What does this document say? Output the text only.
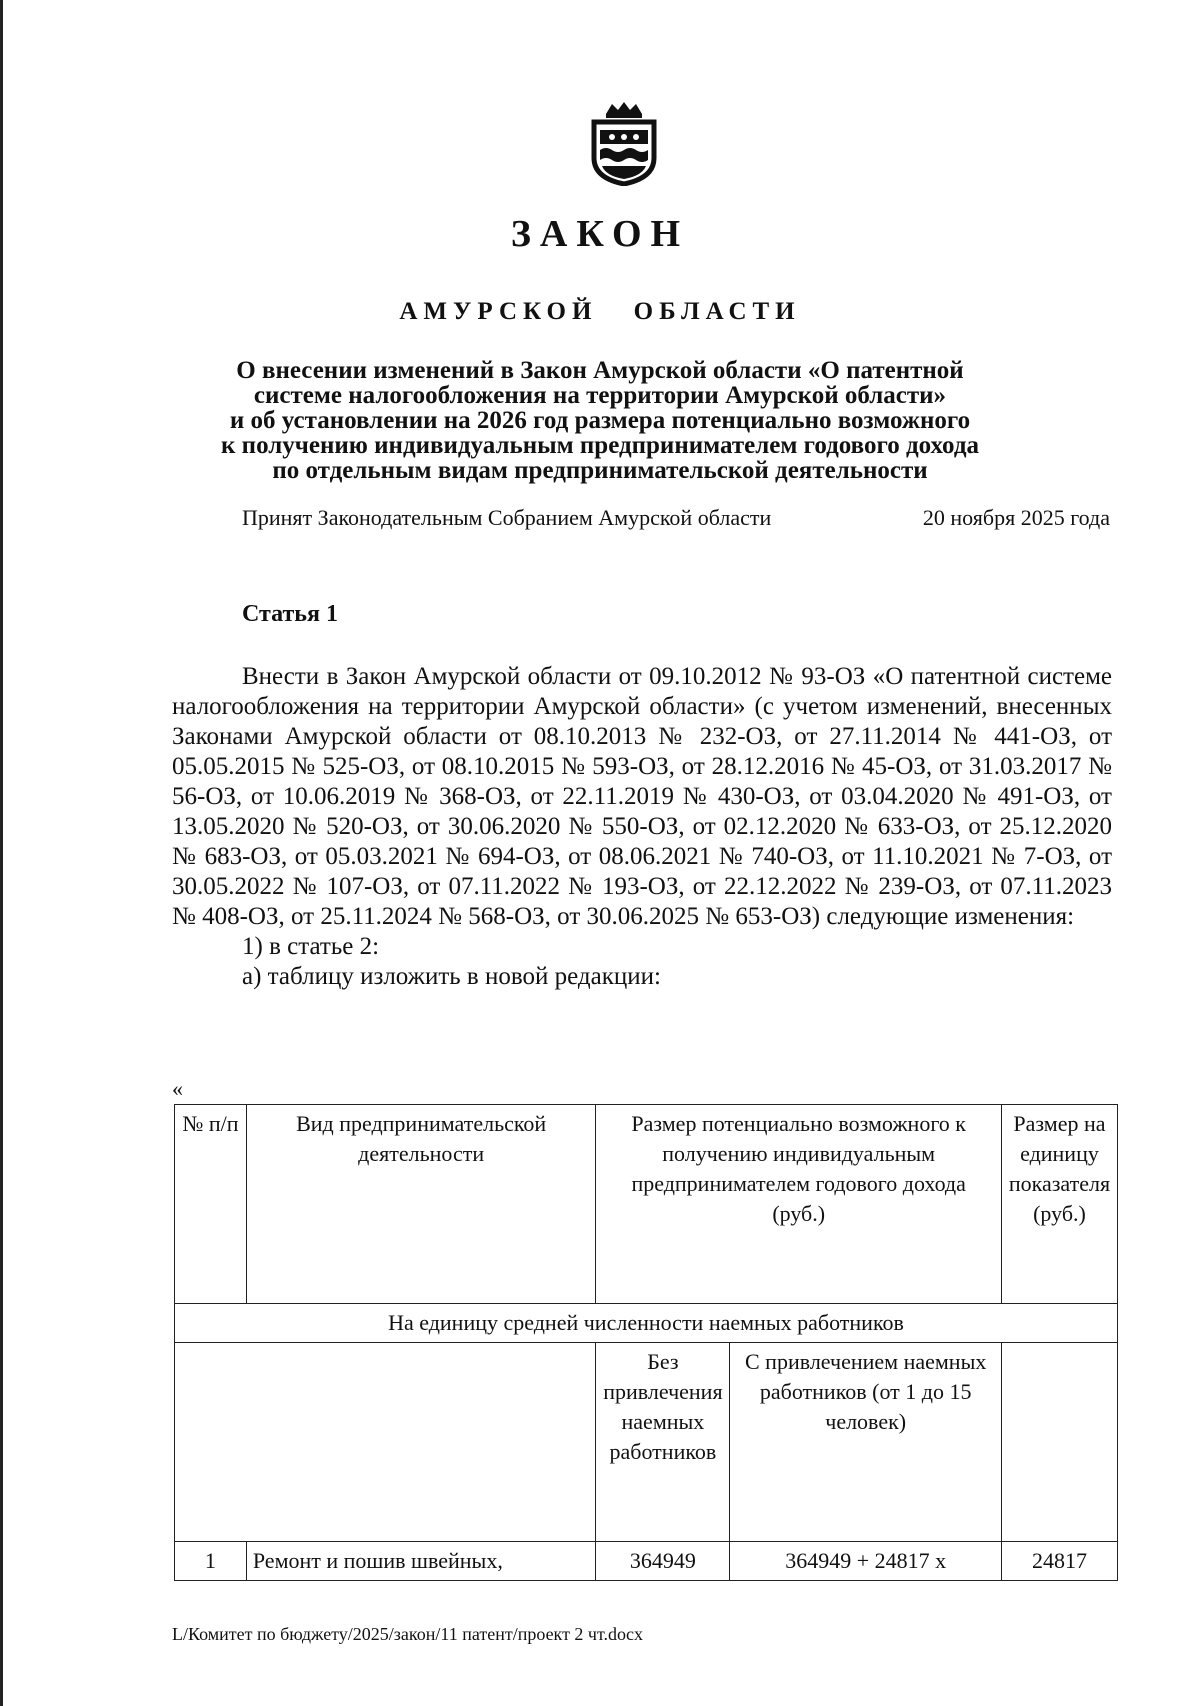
ЗАКОН
АМУРСКОЙ ОБЛАСТИ
О внесении изменений в Закон Амурской области «О патентной
системе налогообложения на территории Амурской области»
и об установлении на 2026 год размера потенциально возможного
к получению индивидуальным предпринимателем годового дохода
по отдельным видам предпринимательской деятельности
Принят Законодательным Собранием Амурской области	20 ноября 2025 года
Статья 1

Внести в Закон Амурской области от 09.10.2012 № 93-ОЗ «О патентной системе налогообложения на территории Амурской области» (с учетом изменений, внесенных Законами Амурской области от 08.10.2013 № 232-ОЗ, от 27.11.2014 № 441-ОЗ, от 05.05.2015 № 525-ОЗ, от 08.10.2015 № 593-ОЗ, от 28.12.2016 № 45-ОЗ, от 31.03.2017 № 56-ОЗ, от 10.06.2019 № 368-ОЗ, от 22.11.2019 № 430-ОЗ, от 03.04.2020 № 491-ОЗ, от 13.05.2020 № 520-ОЗ, от 30.06.2020 № 550-ОЗ, от 02.12.2020 № 633-ОЗ, от 25.12.2020 № 683-ОЗ, от 05.03.2021 № 694-ОЗ, от 08.06.2021 № 740-ОЗ, от 11.10.2021 № 7-ОЗ, от 30.05.2022 № 107-ОЗ, от 07.11.2022 № 193-ОЗ, от 22.12.2022 № 239-ОЗ, от 07.11.2023 № 408-ОЗ, от 25.11.2024 № 568-ОЗ, от 30.06.2025 № 653-ОЗ) следующие изменения:

1) в статье 2:

а) таблицу изложить в новой редакции:

«
№ п/п	Вид предпринимательской деятельности	Размер потенциально возможного к получению индивидуальным предпринимателем годового дохода (руб.)		Размер на единицу показателя (руб.)
На единицу средней численности наемных работников				
		Без привлечения наемных работников	С привлечением наемных работников (от 1 до 15 человек)	
1	Ремонт и пошив швейных,	364949	364949 + 24817 x	24817
L/Комитет по бюджету/2025/закон/11 патент/проект 2 чт.docx
